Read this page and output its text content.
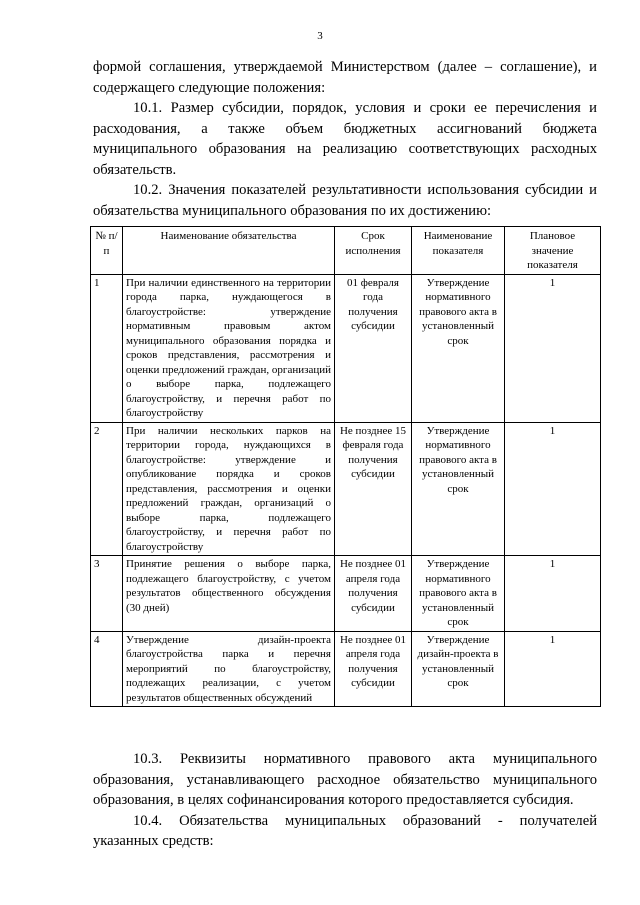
3

формой соглашения, утверждаемой Министерством (далее – соглашение), и содержащего следующие положения:

10.1. Размер субсидии, порядок, условия и сроки ее перечисления и расходования, а также объем бюджетных ассигнований бюджета муниципального образования на реализацию соответствующих расходных обязательств.

10.2. Значения показателей результативности использования субсидии и обязательства муниципального образования по их достижению:

№ п/п	Наименование обязательства	Срок исполнения	Наименование показателя	Плановое значение показателя
1	При наличии единственного на территории города парка, нуждающегося в благоустройстве: утверждение нормативным правовым актом муниципального образования порядка и сроков представления, рассмотрения и оценки предложений граждан, организаций о выборе парка, подлежащего благоустройству, и перечня работ по благоустройству	01 февраля года получения субсидии	Утверждение нормативного правового акта в установленный срок	1
2	При наличии нескольких парков на территории города, нуждающихся в благоустройстве: утверждение и опубликование порядка и сроков представления, рассмотрения и оценки предложений граждан, организаций о выборе парка, подлежащего благоустройству, и перечня работ по благоустройству	Не позднее 15 февраля года получения субсидии	Утверждение нормативного правового акта в установленный срок	1
3	Принятие решения о выборе парка, подлежащего благоустройству, с учетом результатов общественного обсуждения (30 дней)	Не позднее 01 апреля года получения субсидии	Утверждение нормативного правового акта в установленный срок	1
4	Утверждение дизайн-проекта благоустройства парка и перечня мероприятий по благоустройству, подлежащих реализации, с учетом результатов общественных обсуждений	Не позднее 01 апреля года получения субсидии	Утверждение дизайн-проекта в установленный срок	1

10.3. Реквизиты нормативного правового акта муниципального образования, устанавливающего расходное обязательство муниципального образования, в целях софинансирования которого предоставляется субсидия.

10.4. Обязательства муниципальных образований - получателей указанных средств:
